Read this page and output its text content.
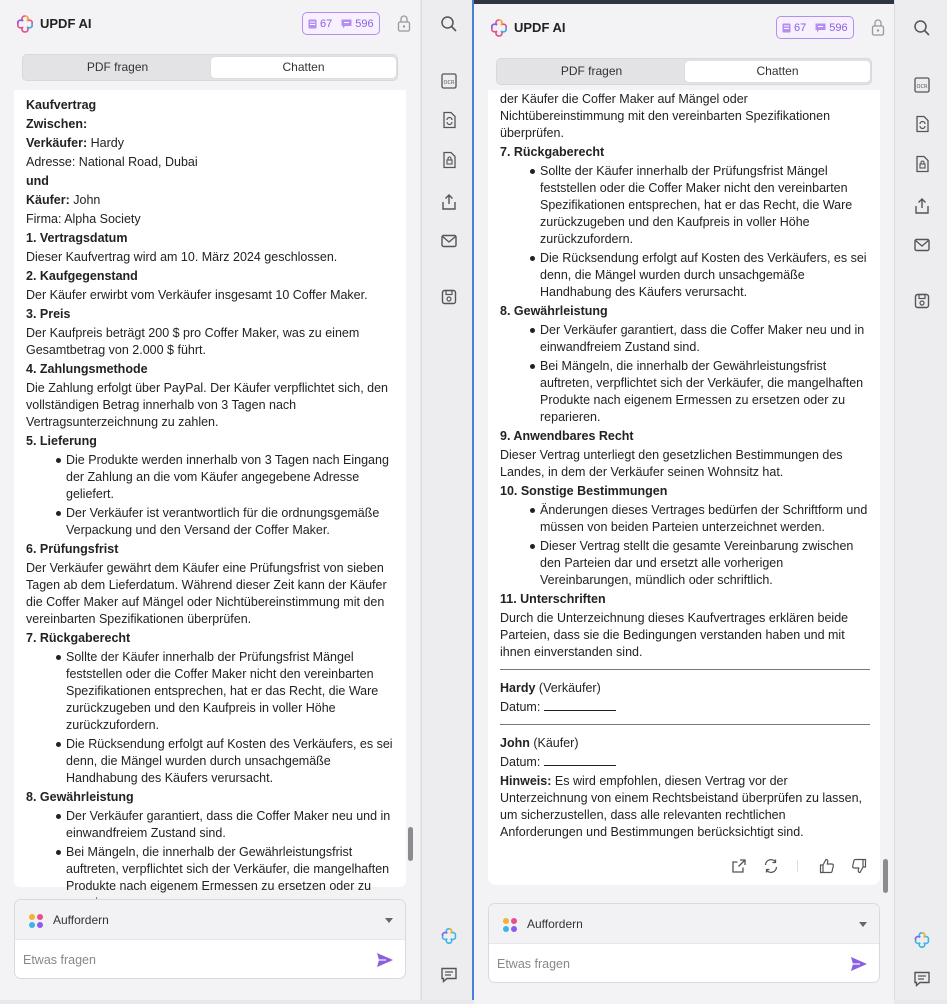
UPDF AI	67 596
PDF fragen	Chatten

Kaufvertrag

Zwischen:

Verkäufer: Hardy

Adresse: National Road, Dubai

und

Käufer: John

Firma: Alpha Society

1. Vertragsdatum

Dieser Kaufvertrag wird am 10. März 2024 geschlossen.

2. Kaufgegenstand

Der Käufer erwirbt vom Verkäufer insgesamt 10 Coffer Maker.

3. Preis

Der Kaufpreis beträgt 200 $ pro Coffer Maker, was zu einem Gesamtbetrag von 2.000 $ führt.

4. Zahlungsmethode

Die Zahlung erfolgt über PayPal. Der Käufer verpflichtet sich, den vollständigen Betrag innerhalb von 3 Tagen nach Vertragsunterzeichnung zu zahlen.

5. Lieferung
Die Produkte werden innerhalb von 3 Tagen nach Eingang der Zahlung an die vom Käufer angegebene Adresse geliefert.
Der Verkäufer ist verantwortlich für die ordnungsgemäße Verpackung und den Versand der Coffer Maker.
6. Prüfungsfrist

Der Verkäufer gewährt dem Käufer eine Prüfungsfrist von sieben Tagen ab dem Lieferdatum. Während dieser Zeit kann der Käufer die Coffer Maker auf Mängel oder Nichtübereinstimmung mit den vereinbarten Spezifikationen überprüfen.

7. Rückgaberecht
Sollte der Käufer innerhalb der Prüfungsfrist Mängel feststellen oder die Coffer Maker nicht den vereinbarten Spezifikationen entsprechen, hat er das Recht, die Ware zurückzugeben und den Kaufpreis in voller Höhe zurückzufordern.
Die Rücksendung erfolgt auf Kosten des Verkäufers, es sei denn, die Mängel wurden durch unsachgemäße Handhabung des Käufers verursacht.
8. Gewährleistung
Der Verkäufer garantiert, dass die Coffer Maker neu und in einwandfreiem Zustand sind.
Bei Mängeln, die innerhalb der Gewährleistungsfrist auftreten, verpflichtet sich der Verkäufer, die mangelhaften Produkte nach eigenem Ermessen zu ersetzen oder zu
Auffordern
Etwas fragen
OCR
UPDF AI	67 596
PDF fragen	Chatten

der Käufer die Coffer Maker auf Mängel oder Nichtübereinstimmung mit den vereinbarten Spezifikationen überprüfen.

7. Rückgaberecht
Sollte der Käufer innerhalb der Prüfungsfrist Mängel feststellen oder die Coffer Maker nicht den vereinbarten Spezifikationen entsprechen, hat er das Recht, die Ware zurückzugeben und den Kaufpreis in voller Höhe zurückzufordern.
Die Rücksendung erfolgt auf Kosten des Verkäufers, es sei denn, die Mängel wurden durch unsachgemäße Handhabung des Käufers verursacht.
8. Gewährleistung
Der Verkäufer garantiert, dass die Coffer Maker neu und in einwandfreiem Zustand sind.
Bei Mängeln, die innerhalb der Gewährleistungsfrist auftreten, verpflichtet sich der Verkäufer, die mangelhaften Produkte nach eigenem Ermessen zu ersetzen oder zu reparieren.
9. Anwendbares Recht

Dieser Vertrag unterliegt den gesetzlichen Bestimmungen des Landes, in dem der Verkäufer seinen Wohnsitz hat.

10. Sonstige Bestimmungen
Änderungen dieses Vertrages bedürfen der Schriftform und müssen von beiden Parteien unterzeichnet werden.
Dieser Vertrag stellt die gesamte Vereinbarung zwischen den Parteien dar und ersetzt alle vorherigen Vereinbarungen, mündlich oder schriftlich.
11. Unterschriften

Durch die Unterzeichnung dieses Kaufvertrages erklären beide Parteien, dass sie die Bedingungen verstanden haben und mit ihnen einverstanden sind.

Hardy (Verkäufer)

Datum:

John (Käufer)

Datum:

Hinweis: Es wird empfohlen, diesen Vertrag vor der Unterzeichnung von einem Rechtsbeistand überprüfen zu lassen, um sicherzustellen, dass alle relevanten rechtlichen Anforderungen und Bestimmungen berücksichtigt sind.

Auffordern
Etwas fragen
OCR
